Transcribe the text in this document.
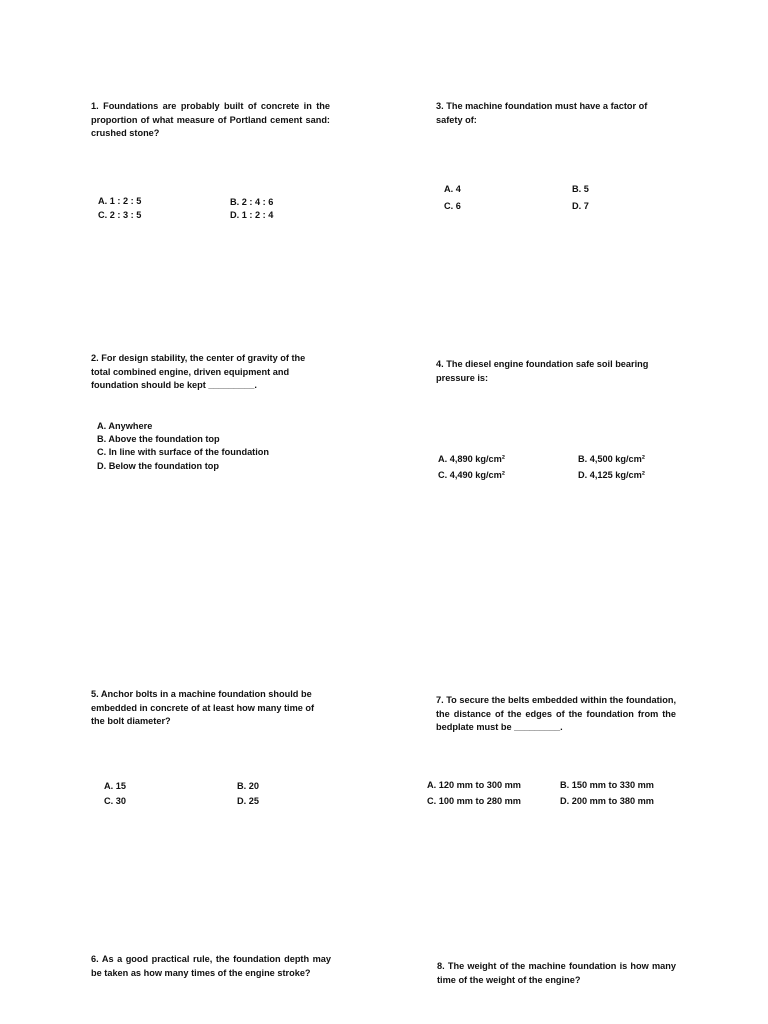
1. Foundations are probably built of concrete in the proportion of what measure of Portland cement sand: crushed stone?
A. 1 : 2 : 5	B. 2 : 4 : 6
C. 2 : 3 : 5	D. 1 : 2 : 4
3. The machine foundation must have a factor of safety of:
A. 4	B. 5
C. 6	D. 7
2. For design stability, the center of gravity of the total combined engine, driven equipment and foundation should be kept _________.
A. Anywhere
B. Above the foundation top
C. In line with surface of the foundation
D. Below the foundation top
4. The diesel engine foundation safe soil bearing pressure is:
A. 4,890 kg/cm²	B. 4,500 kg/cm²
C. 4,490 kg/cm²	D. 4,125 kg/cm²
5. Anchor bolts in a machine foundation should be embedded in concrete of at least how many time of the bolt diameter?
A. 15	B. 20
C. 30	D. 25
7. To secure the belts embedded within the foundation, the distance of the edges of the foundation from the bedplate must be _________.
A. 120 mm to 300 mm	B. 150 mm to 330 mm
C. 100 mm to 280 mm	D. 200 mm to 380 mm
6. As a good practical rule, the foundation depth may be taken as how many times of the engine stroke?
8. The weight of the machine foundation is how many time of the weight of the engine?
